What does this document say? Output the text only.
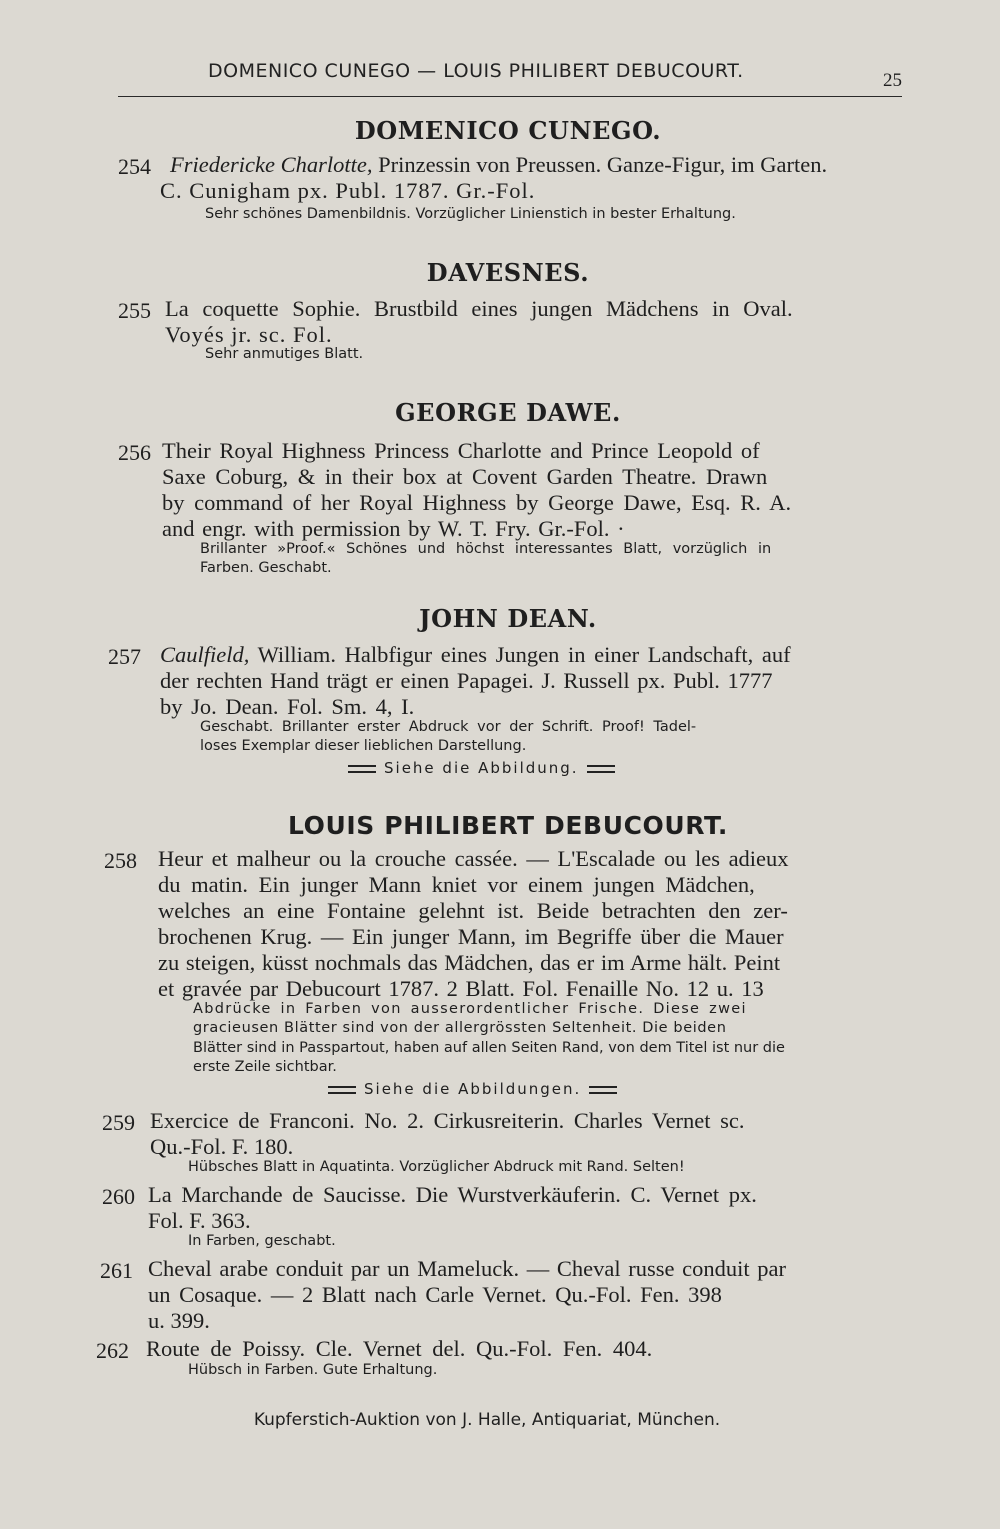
DOMENICO CUNEGO — LOUIS PHILIBERT DEBUCOURT.	25
DOMENICO CUNEGO.
254 Friedericke Charlotte, Prinzessin von Preussen. Ganze-Figur, im Garten.
C. Cunigham px. Publ. 1787. Gr.-Fol.
Sehr schönes Damenbildnis. Vorzüglicher Linienstich in bester Erhaltung.
DAVESNES.
255 La coquette Sophie. Brustbild eines jungen Mädchens in Oval.
Voyés jr. sc. Fol.
Sehr anmutiges Blatt.
GEORGE DAWE.
256 Their Royal Highness Princess Charlotte and Prince Leopold of
Saxe Coburg, & in their box at Covent Garden Theatre. Drawn
by command of her Royal Highness by George Dawe, Esq. R. A.
and engr. with permission by W. T. Fry. Gr.-Fol. ·
Brillanter »Proof.« Schönes und höchst interessantes Blatt, vorzüglich in
Farben. Geschabt.
JOHN DEAN.
257 Caulfield, William. Halbfigur eines Jungen in einer Landschaft, auf
der rechten Hand trägt er einen Papagei. J. Russell px. Publ. 1777
by Jo. Dean. Fol. Sm. 4, I.
Geschabt. Brillanter erster Abdruck vor der Schrift. Proof! Tadel-
loses Exemplar dieser lieblichen Darstellung.
Siehe die Abbildung.
LOUIS PHILIBERT DEBUCOURT.
258 Heur et malheur ou la crouche cassée. — L'Escalade ou les adieux
du matin. Ein junger Mann kniet vor einem jungen Mädchen,
welches an eine Fontaine gelehnt ist. Beide betrachten den zer-
brochenen Krug. — Ein junger Mann, im Begriffe über die Mauer
zu steigen, küsst nochmals das Mädchen, das er im Arme hält. Peint
et gravée par Debucourt 1787. 2 Blatt. Fol. Fenaille No. 12 u. 13
Abdrücke in Farben von ausserordentlicher Frische. Diese zwei
gracieusen Blätter sind von der allergrössten Seltenheit. Die beiden
Blätter sind in Passpartout, haben auf allen Seiten Rand, von dem Titel ist nur die
erste Zeile sichtbar.
Siehe die Abbildungen.
259 Exercice de Franconi. No. 2. Cirkusreiterin. Charles Vernet sc.
Qu.-Fol. F. 180.
Hübsches Blatt in Aquatinta. Vorzüglicher Abdruck mit Rand. Selten!
260 La Marchande de Saucisse. Die Wurstverkäuferin. C. Vernet px.
Fol. F. 363.
In Farben, geschabt.
261 Cheval arabe conduit par un Mameluck. — Cheval russe conduit par
un Cosaque. — 2 Blatt nach Carle Vernet. Qu.-Fol. Fen. 398
u. 399.
262 Route de Poissy. Cle. Vernet del. Qu.-Fol. Fen. 404.
Hübsch in Farben. Gute Erhaltung.
Kupferstich-Auktion von J. Halle, Antiquariat, München.
